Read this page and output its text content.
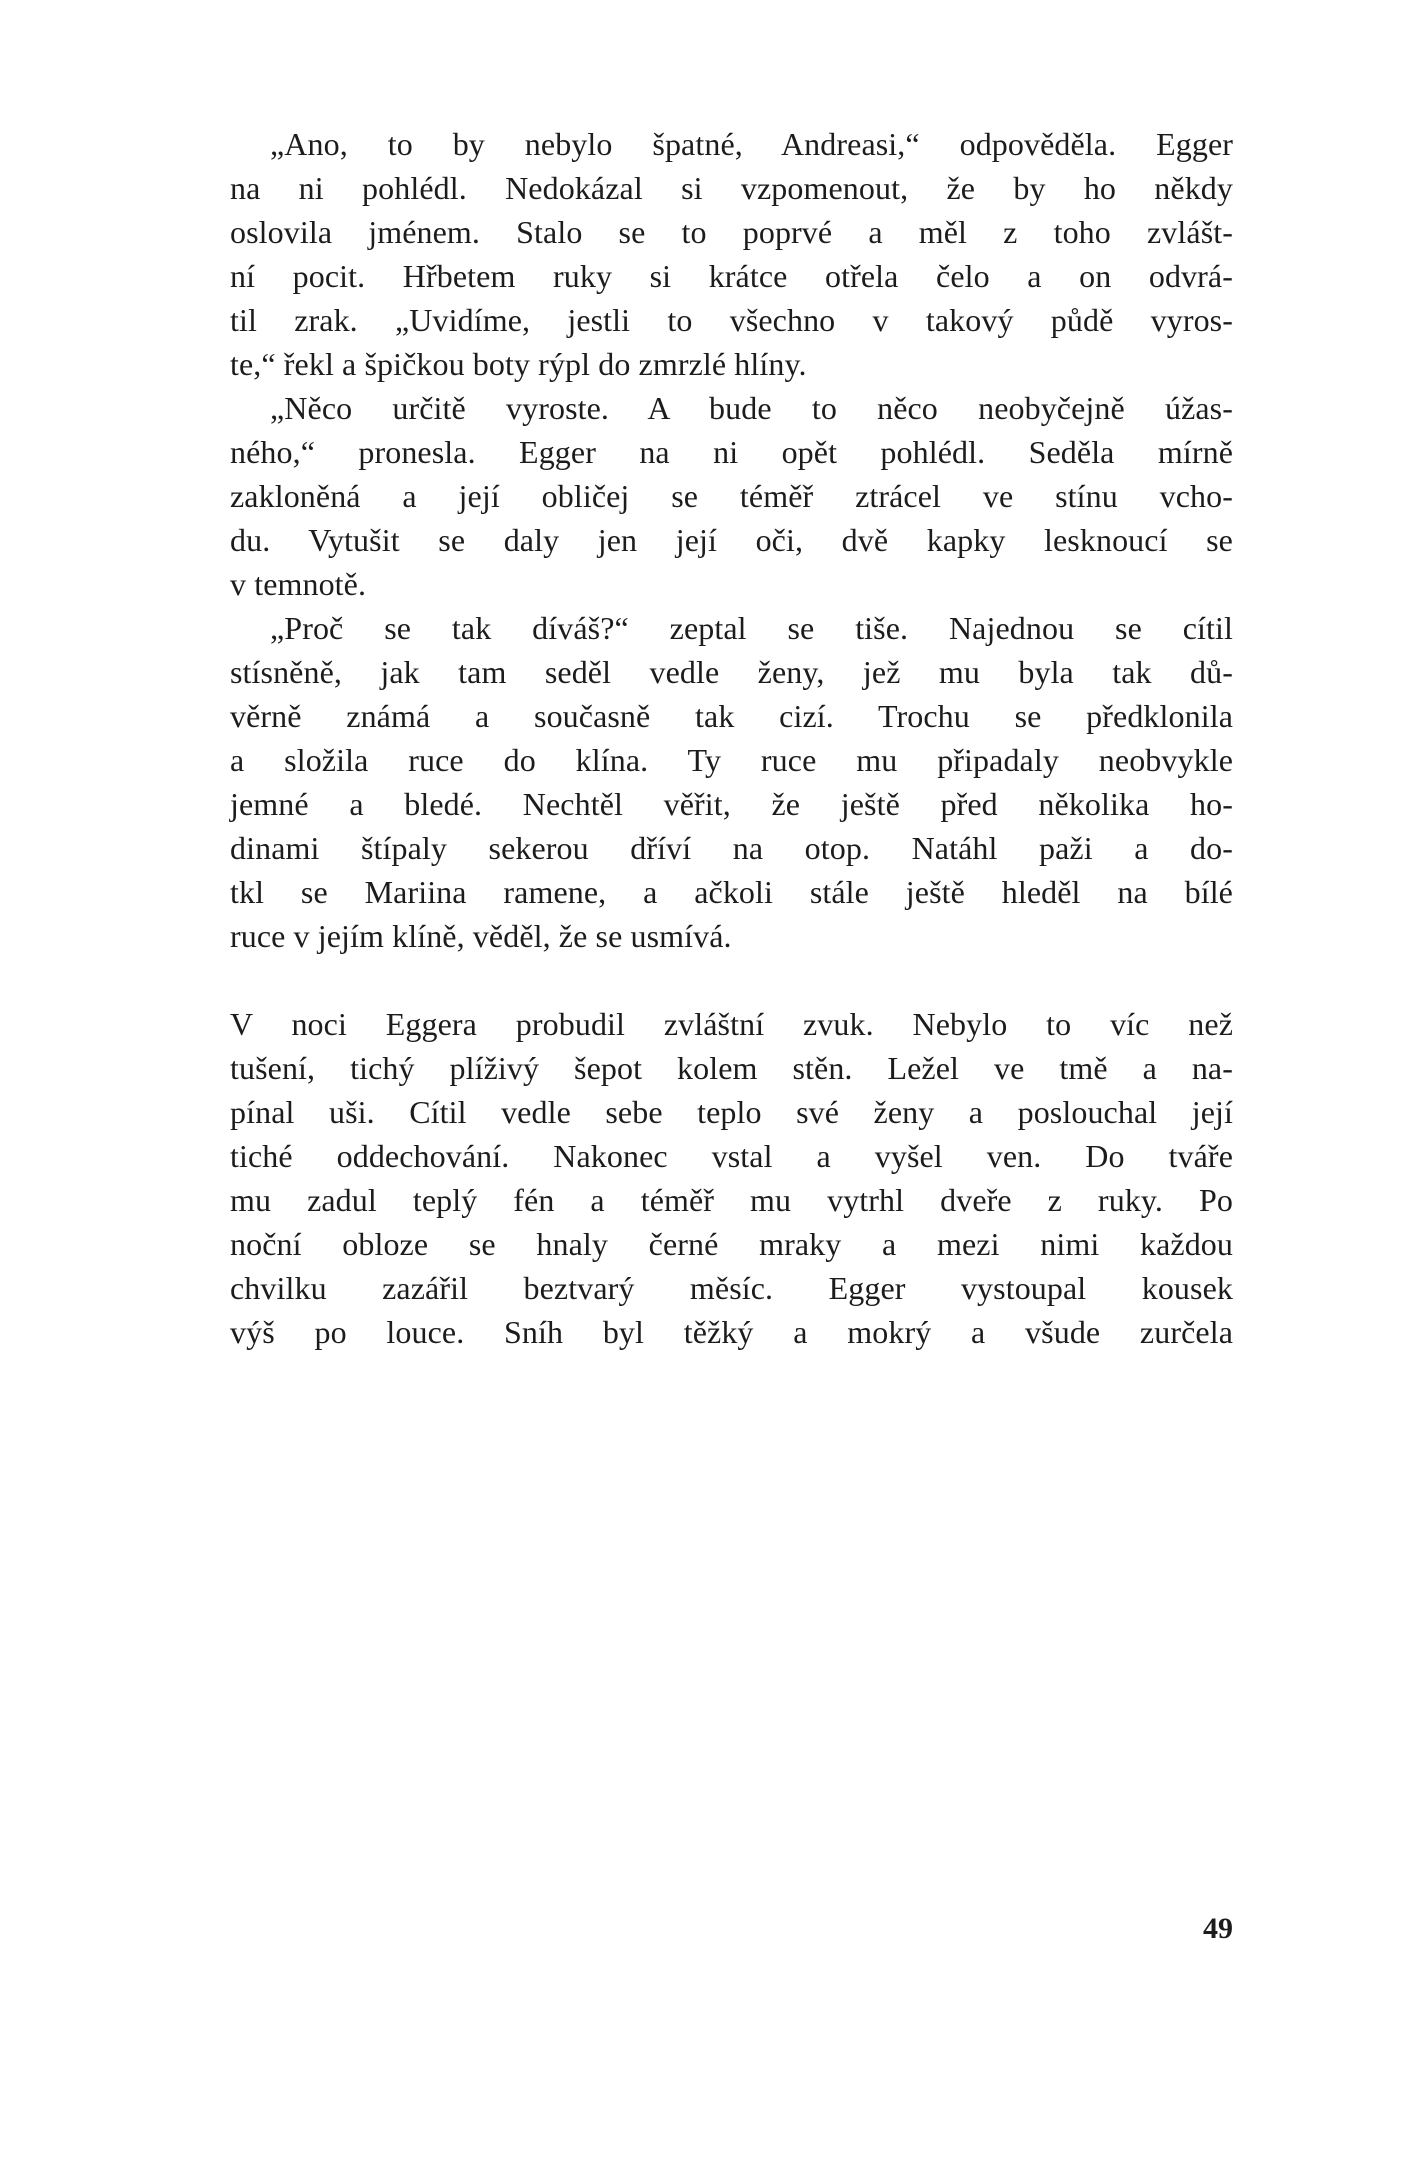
„Ano, to by nebylo špatné, Andreasi,“ odpověděla. Egger
na ni pohlédl. Nedokázal si vzpomenout, že by ho někdy
oslovila jménem. Stalo se to poprvé a měl z toho zvlášt-
ní pocit. Hřbetem ruky si krátce otřela čelo a on odvrá-
til zrak. „Uvidíme, jestli to všechno v takový půdě vyros-
te,“ řekl a špičkou boty rýpl do zmrzlé hlíny.
„Něco určitě vyroste. A bude to něco neobyčejně úžas-
ného,“ pronesla. Egger na ni opět pohlédl. Seděla mírně
zakloněná a její obličej se téměř ztrácel ve stínu vcho-
du. Vytušit se daly jen její oči, dvě kapky lesknoucí se
v temnotě.
„Proč se tak díváš?“ zeptal se tiše. Najednou se cítil
stísněně, jak tam seděl vedle ženy, jež mu byla tak dů-
věrně známá a současně tak cizí. Trochu se předklonila
a složila ruce do klína. Ty ruce mu připadaly neobvykle
jemné a bledé. Nechtěl věřit, že ještě před několika ho-
dinami štípaly sekerou dříví na otop. Natáhl paži a do-
tkl se Mariina ramene, a ačkoli stále ještě hleděl na bílé
ruce v jejím klíně, věděl, že se usmívá.
V noci Eggera probudil zvláštní zvuk. Nebylo to víc než
tušení, tichý plíživý šepot kolem stěn. Ležel ve tmě a na-
pínal uši. Cítil vedle sebe teplo své ženy a poslouchal její
tiché oddechování. Nakonec vstal a vyšel ven. Do tváře
mu zadul teplý fén a téměř mu vytrhl dveře z ruky. Po
noční obloze se hnaly černé mraky a mezi nimi každou
chvilku zazářil beztvarý měsíc. Egger vystoupal kousek
výš po louce. Sníh byl těžký a mokrý a všude zurčela
49
